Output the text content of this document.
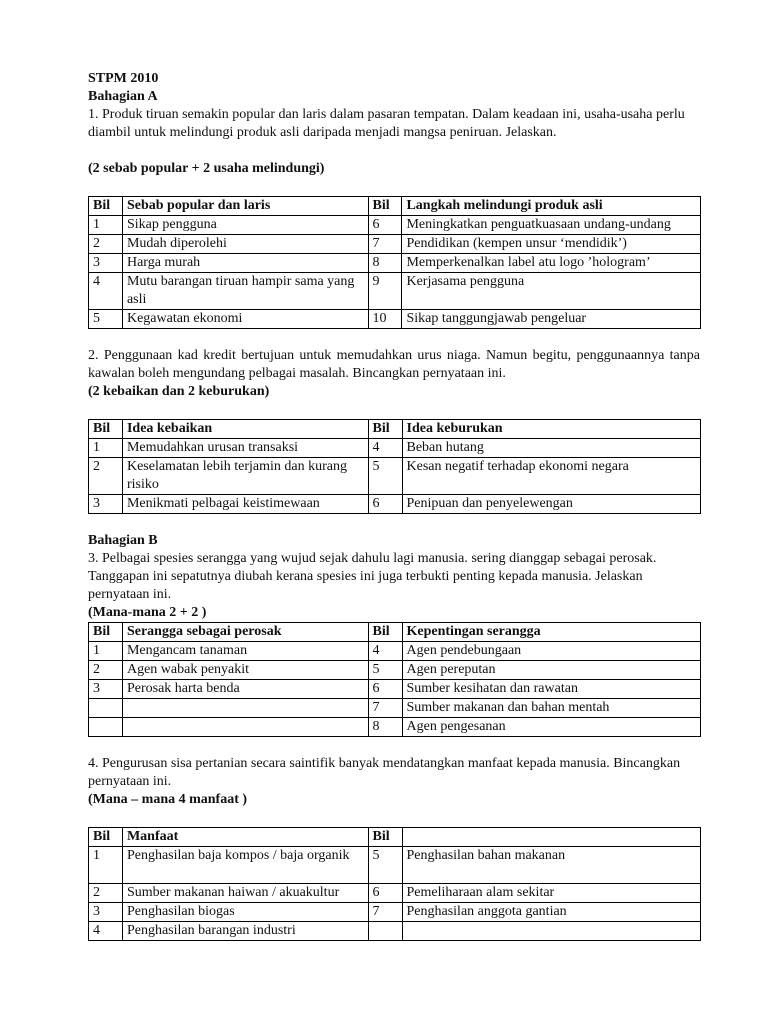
STPM 2010

Bahagian A

1. Produk tiruan semakin popular dan laris dalam pasaran tempatan. Dalam keadaan ini, usaha-usaha perlu diambil untuk melindungi produk asli daripada menjadi mangsa peniruan. Jelaskan.

(2 sebab popular + 2 usaha melindungi)

Bil	Sebab popular dan laris	Bil	Langkah melindungi produk asli
1	Sikap pengguna	6	Meningkatkan penguatkuasaan undang-undang
2	Mudah diperolehi	7	Pendidikan (kempen unsur ‘mendidik’)
3	Harga murah	8	Memperkenalkan label atu logo ’hologram’
4	Mutu barangan tiruan hampir sama yang asli	9	Kerjasama pengguna
5	Kegawatan ekonomi	10	Sikap tanggungjawab pengeluar

2. Penggunaan kad kredit bertujuan untuk memudahkan urus niaga. Namun begitu, penggunaannya tanpa kawalan boleh mengundang pelbagai masalah. Bincangkan pernyataan ini.

(2 kebaikan dan 2 keburukan)

Bil	Idea kebaikan	Bil	Idea keburukan
1	Memudahkan urusan transaksi	4	Beban hutang
2	Keselamatan lebih terjamin dan kurang risiko	5	Kesan negatif terhadap ekonomi negara
3	Menikmati pelbagai keistimewaan	6	Penipuan dan penyelewengan

Bahagian B

3. Pelbagai spesies serangga yang wujud sejak dahulu lagi manusia. sering dianggap sebagai perosak. Tanggapan ini sepatutnya diubah kerana spesies ini juga terbukti penting kepada manusia. Jelaskan pernyataan ini.

(Mana-mana 2 + 2 )

Bil	Serangga sebagai perosak	Bil	Kepentingan serangga
1	Mengancam tanaman	4	Agen pendebungaan
2	Agen wabak penyakit	5	Agen pereputan
3	Perosak harta benda	6	Sumber kesihatan dan rawatan
		7	Sumber makanan dan bahan mentah
		8	Agen pengesanan

4. Pengurusan sisa pertanian secara saintifik banyak mendatangkan manfaat kepada manusia. Bincangkan pernyataan ini.

(Mana – mana 4 manfaat )

Bil	Manfaat	Bil	
1	Penghasilan baja kompos / baja organik	5	Penghasilan bahan makanan
2	Sumber makanan haiwan / akuakultur	6	Pemeliharaan alam sekitar
3	Penghasilan biogas	7	Penghasilan anggota gantian
4	Penghasilan barangan industri		
